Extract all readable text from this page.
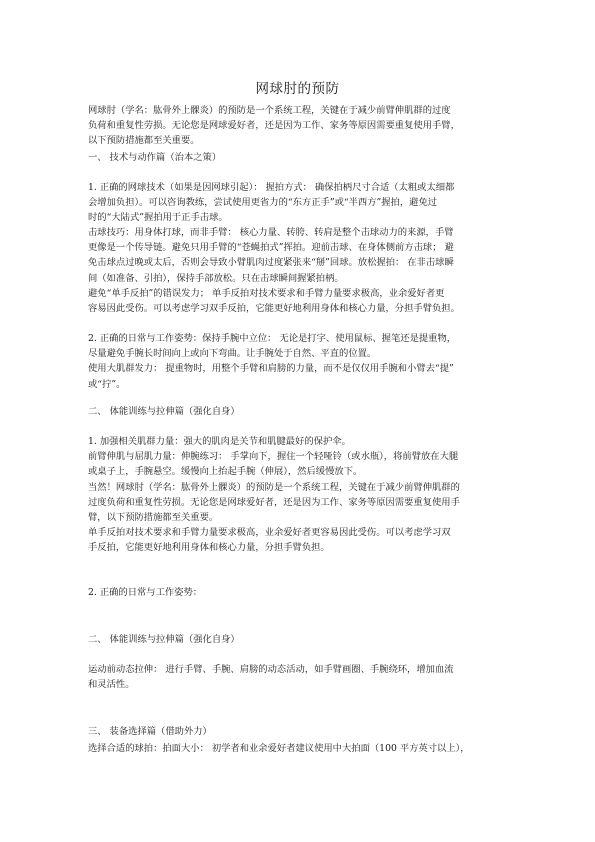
网球肘的预防
网球肘（学名：肱骨外上髁炎）的预防是一个系统工程，关键在于减少前臂伸肌群的过度
负荷和重复性劳损。无论您是网球爱好者，还是因为工作、家务等原因需要重复使用手臂，
以下预防措施都至关重要。
一、 技术与动作篇（治本之策）
1. 正确的网球技术（如果是因网球引起）： 握拍方式： 确保拍柄尺寸合适（太粗或太细都
会增加负担）。可以咨询教练，尝试使用更省力的“东方正手”或“半西方”握拍，避免过
时的“大陆式”握拍用于正手击球。
击球技巧：用身体打球，而非手臂： 核心力量、转胯、转肩是整个击球动力的来源，手臂
更像是一个传导链。避免只用手臂的“苍蝇拍式”挥拍。迎前击球、在身体侧前方击球； 避
免击球点过晚或太后，否则会导致小臂肌肉过度紧张来“掰”回球。放松握拍： 在非击球瞬
间（如准备、引拍），保持手部放松。只在击球瞬间握紧拍柄。
避免“单手反拍”的错误发力； 单手反拍对技术要求和手臂力量要求极高，业余爱好者更
容易因此受伤。可以考虑学习双手反拍，它能更好地利用身体和核心力量，分担手臂负担。
2. 正确的日常与工作姿势：保持手腕中立位： 无论是打字、使用鼠标、握笔还是提重物，
尽量避免手腕长时间向上或向下弯曲。让手腕处于自然、平直的位置。
使用大肌群发力： 提重物时，用整个手臂和肩膀的力量，而不是仅仅用手腕和小臂去“提”
或“拧”。
二、 体能训练与拉伸篇（强化自身）
1. 加强相关肌群力量：强大的肌肉是关节和肌腱最好的保护伞。
前臂伸肌与屈肌力量：伸腕练习： 手掌向下，握住一个轻哑铃（或水瓶），将前臂放在大腿
或桌子上，手腕悬空。缓慢向上抬起手腕（伸展），然后缓慢放下。
当然！网球肘（学名：肱骨外上髁炎）的预防是一个系统工程，关键在于减少前臂伸肌群的
过度负荷和重复性劳损。无论您是网球爱好者，还是因为工作、家务等原因需要重复使用手
臂，以下预防措施都至关重要。
单手反拍对技术要求和手臂力量要求极高，业余爱好者更容易因此受伤。可以考虑学习双
手反拍，它能更好地利用身体和核心力量，分担手臂负担。
2. 正确的日常与工作姿势：
二、 体能训练与拉伸篇（强化自身）
运动前动态拉伸： 进行手臂、手腕、肩膀的动态活动，如手臂画圈、手腕绕环，增加血流
和灵活性。
三、 装备选择篇（借助外力）
选择合适的球拍：拍面大小： 初学者和业余爱好者建议使用中大拍面（100 平方英寸以上），
